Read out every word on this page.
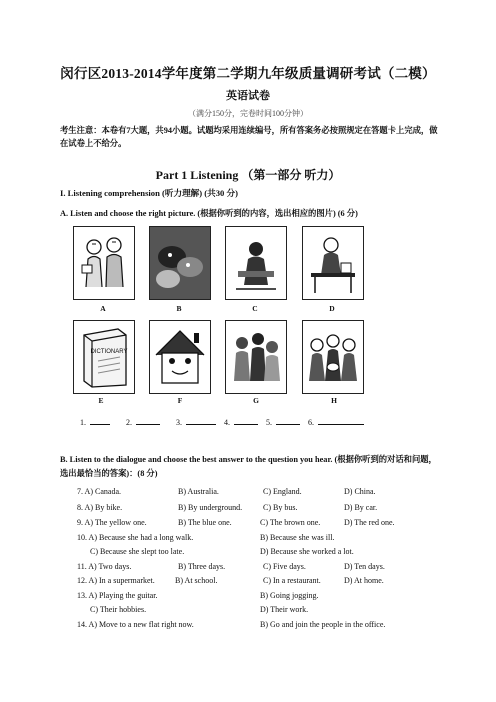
闵行区2013-2014学年度第二学期九年级质量调研考试（二模）
英语试卷
（满分150分，完卷时间100分钟）
考生注意：本卷有7大题，共94小题。试题均采用连续编号，所有答案务必按照规定在答题卡上完成，做在试卷上不给分。
Part 1 Listening （第一部分 听力）
I. Listening comprehension (听力理解) (共30 分)
A. Listen and choose the right picture. (根据你听到的内容，选出相应的图片) (6 分)
A	B	C	D
DICTIONARY
E	F	G	H
1.	2.	3.	4.	5.	6.
B. Listen to the dialogue and choose the best answer to the question you hear. (根据你听到的对话和问题，选出最恰当的答案)：(8 分)
7. A) Canada.	B) Australia.	C) England.	D) China.
8. A) By bike.	B) By underground.	C) By bus.	D) By car.
9. A) The yellow one.	B) The blue one.	C) The brown one.	D) The red one.
10. A) Because she had a long walk.	B) Because she was ill.
C) Because she slept too late.	D) Because she worked a lot.
11. A) Two days.	B) Three days.	C) Five days.	D) Ten days.
12. A) In a supermarket.	B) At school.	C) In a restaurant.	D) At home.
13. A) Playing the guitar.	B) Going jogging.
C) Their hobbies.	D) Their work.
14. A) Move to a new flat right now.	B) Go and join the people in the office.
